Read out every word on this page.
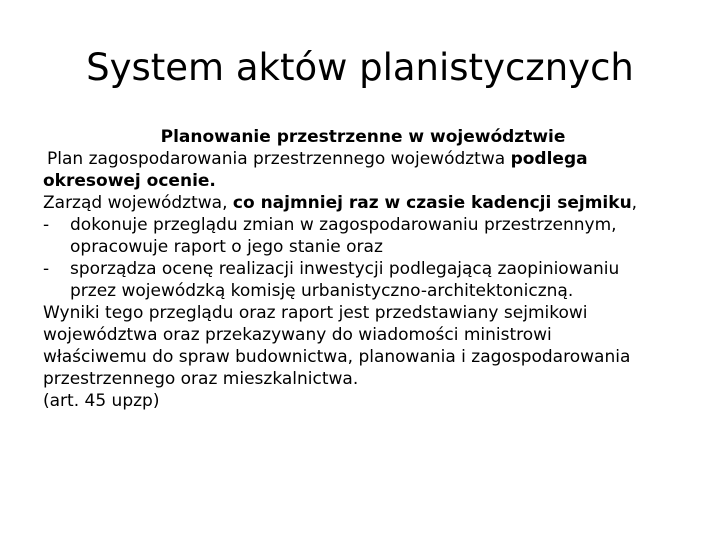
System aktów planistycznych

Planowanie przestrzenne w województwie

Plan zagospodarowania przestrzennego województwa podlega

okresowej ocenie.

Zarząd województwa, co najmniej raz w czasie kadencji sejmiku,

- dokonuje przeglądu zmian w zagospodarowaniu przestrzennym,

opracowuje raport o jego stanie oraz

- sporządza ocenę realizacji inwestycji podlegającą zaopiniowaniu

przez wojewódzką komisję urbanistyczno-architektoniczną.

Wyniki tego przeglądu oraz raport jest przedstawiany sejmikowi

województwa oraz przekazywany do wiadomości ministrowi

właściwemu do spraw budownictwa, planowania i zagospodarowania

przestrzennego oraz mieszkalnictwa.

(art. 45 upzp)
